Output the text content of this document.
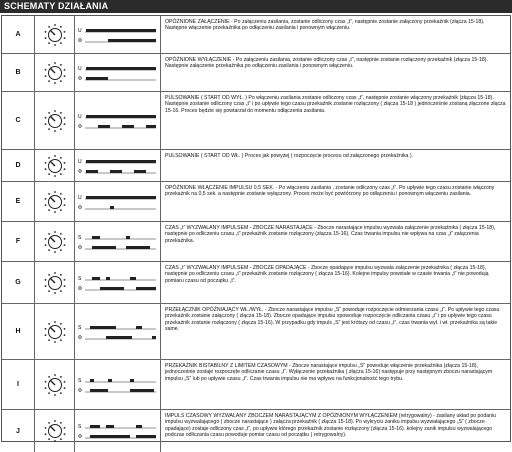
SCHEMATY DZIAŁANIA
A
U
Φ
OPÓŹNIONE ZAŁĄCZENIE - Po załączeniu zasilania, zostanie odliczony czas „t”, następnie zostanie załączony przekaźnik (złącza 15-18). Następne włączenie przekaźnika po odłączeniu zasilania i ponownym włączeniu.
B
U
Φ
OPÓŹNIONE WYŁĄCZENIE - Po załączeniu zasilania, zostanie odliczony czas „t”, następnie zostanie rozłączony przekaźnik (złącza 15-18). Następnie załączenie przekaźnika po odłączeniu zasilania i ponownym włączeniu.
C
U
Φ
PULSOWANIE ( START OD WYŁ. ) Po włączeniu zasilania zostanie odliczony czas „t”, następnie zostanie włączony przekaźnik (złącza 15-18). Następnie zostanie odliczony czas „t” i po upływie tego czasu przekaźnik zostanie rozłączony ( złącza 15-18 ) jednocześnie zostaną złączone złącza 15-16. Proces będzie się powtarzał do momentu odłączenia zasilania.
D
U
Φ
PULSOWANIE ( START OD WŁ. ) Proces jak powyżej ( rozpoczęcie procesu od załączonego przekaźnika ).
E
U
Φ
OPÓŹNIONE WŁĄCZENIE IMPULSU 0,5 SEK. - Po włączeniu zasilania , zostanie odliczony czas „t”. Po upływie tego czasu zostanie włączony przekaźnik na 0,5 sek. a następnie zostanie wyłączony. Proces może być powtórzony po odłączeniu i ponownym włączeniu zasilania.
F
S
Φ
CZAS „t” WYZWALANY IMPULSEM - ZBOCZE NARASTAJĄCE - Zbocze narastające impulsu wyzwala załączenie przekaźnika ( złącza 15-18), następnie po odliczeniu czasu „t” przekaźnik zostanie rozłączony (złącza 15-16). Czas trwania impulsu nie wpływa na czas „t” załączenia przekaźnika.
G
S
Φ
CZAS „t” WYZWALANY IMPULSEM - ZBOCZE OPADAJĄCE - Zbocze opadające impulsu wyzwala załączenie przekaźnika ( złącza 15-18), następnie po odliczeniu czasu „t” przekaźnik zostanie rozłączony ( złącza 15-16). Kolejne impulsy powstałe w czasie trwania „t” nie powodują pomiaru czasu od początku „t”.
H
S
Φ
PRZEŁĄCZNIK OPÓŹNIAJĄCY WŁ./WYŁ. - Zbocze narastające impulsu „S” powoduje rozpoczęcie odmierzania czasu „t”. Po upływie tego czasu przekaźnik zostanie załączony ( złącza 15-18). Zbocze opadające impulsu spowoduje rozpoczęcie odliczania czasu „t” i po upływie tego czasu przekaźnik zostanie rozłączony ( złącza 15-16). W przypadku gdy impuls „S” jest krótszy od czasu „t”, czas trwania wył. i wł. przekaźnika są takie same.
I
S
Φ
PRZEKAŹNIK BISTABILNY Z LIMITEM CZASOWYM - Zbocze narastające impulsu „S” powoduje włączenie przekaźnika (złącza 15-18), jednocześnie zostaje rozpoczęte odliczanie czasu „t”. Wyłączenie przekaźnika ( złącza 15-16) następuje przy następnym zboczu narastającym impulsu „S” lub po upływie czasu „t”. Czas trwania impulsu nie ma wpływu na funkcjonalność tego trybu.
J
S
Φ
IMPULS CZASOWY WYZWALANY ZBOCZEM NARASTAJĄCYM Z OPÓŹNIONYM WYŁĄCZENIEM (retrygowalny) - zasilany układ po podaniu impulsu wyzwalającego ( zbocze narastające ) załącza przekaźnik ( złącza 15-18). Po wykryciu zaniku impulsu wyzwalającego „S” ( zbocze opadające) zostaje odliczony czas „t”, po upływie którego przekaźnik zostanie rozłączony (złącza 15-16). kolejny zanik impulsu wyzwalającego podczas odliczania czasu powoduje pomiar czasu od początku ( retrygowalny).
